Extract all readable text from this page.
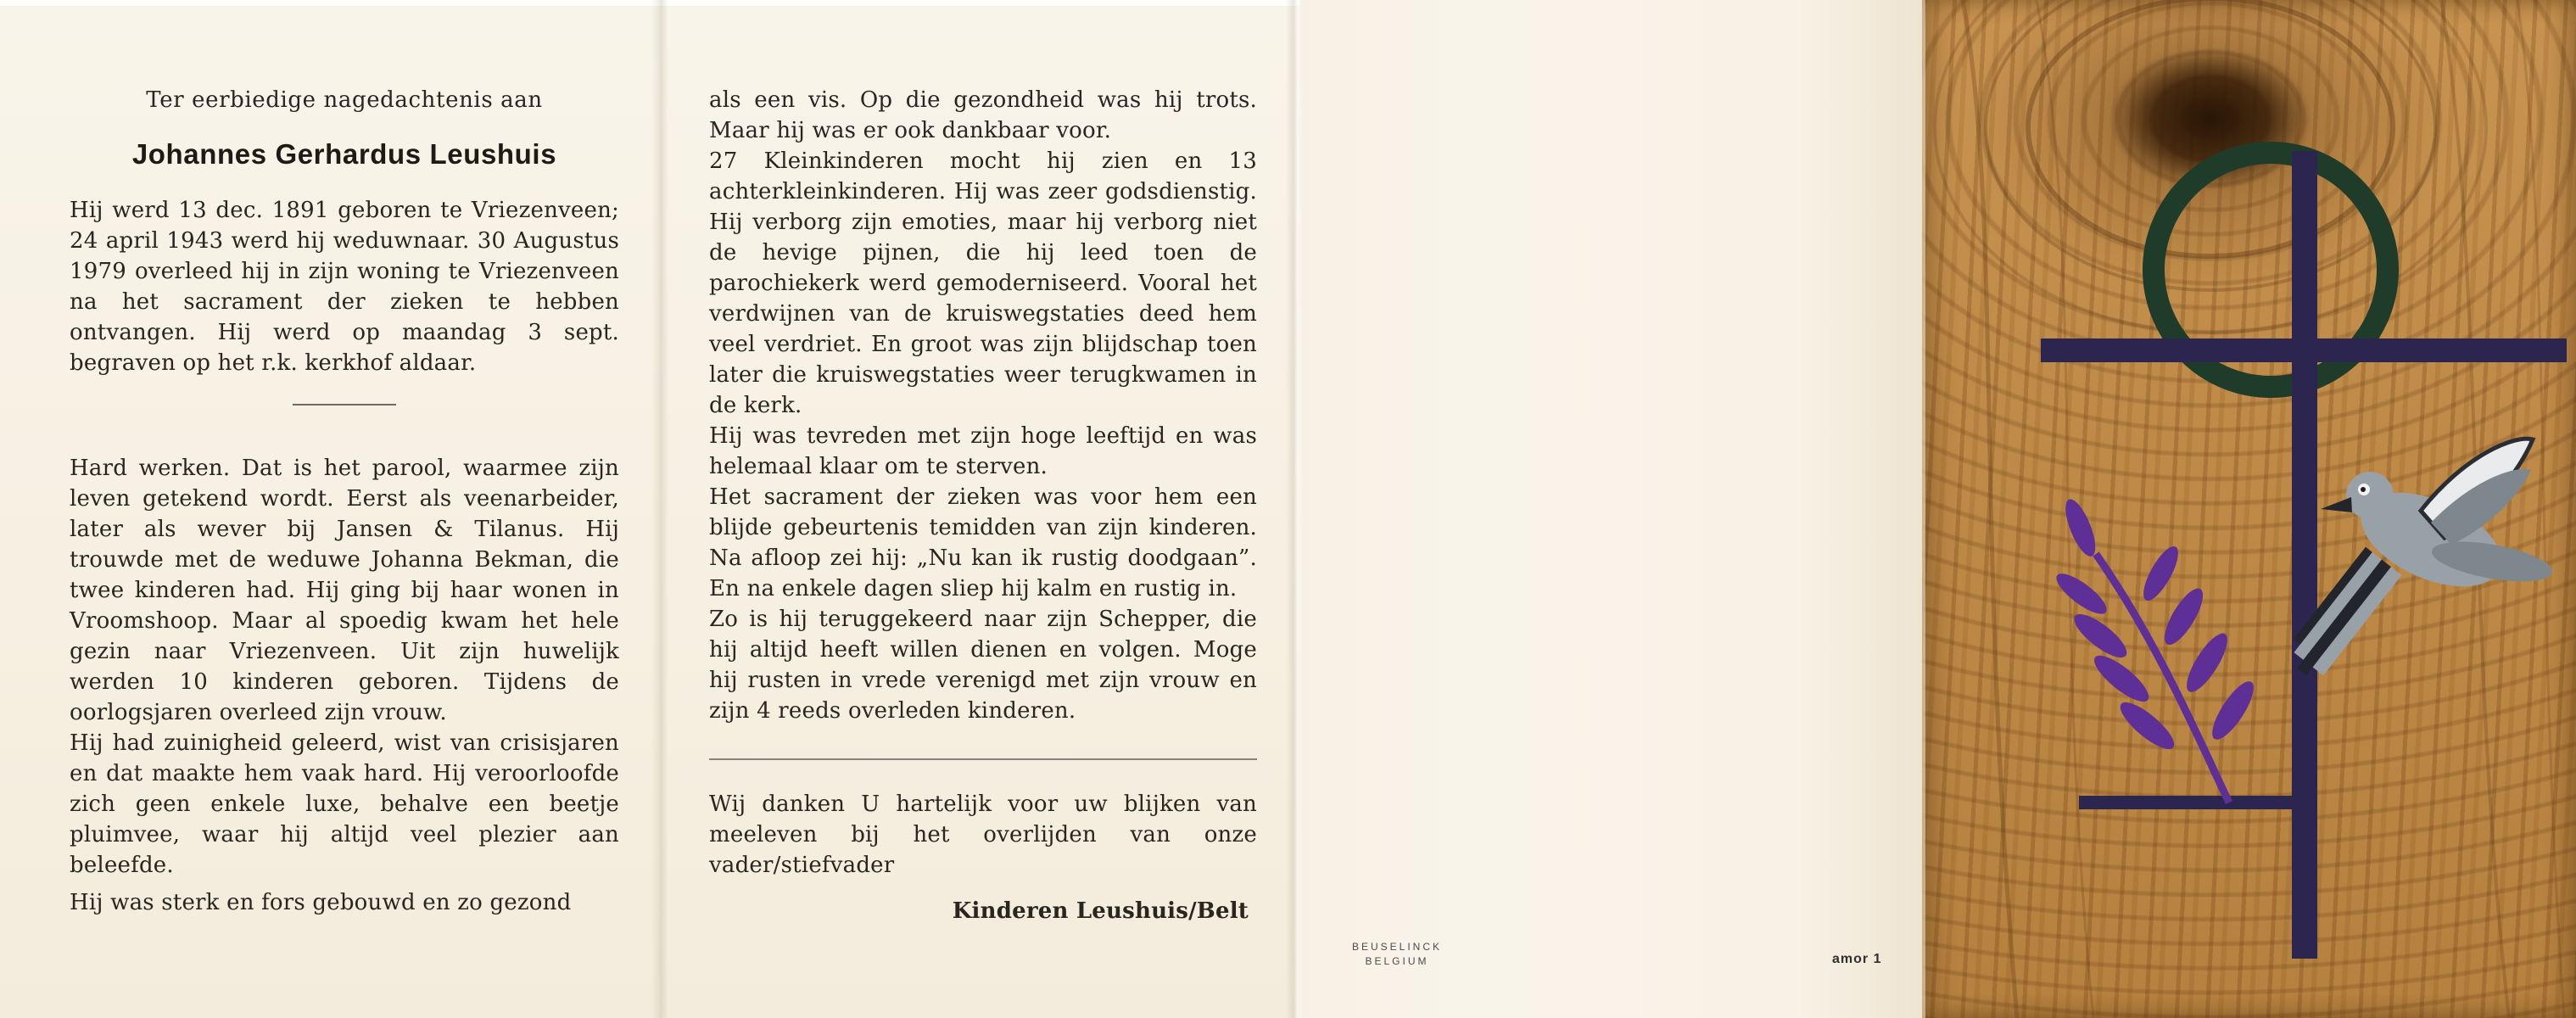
Ter eerbiedige nagedachtenis aan

Johannes Gerhardus Leushuis

Hij werd 13 dec. 1891 geboren te Vriezenveen; 24 april 1943 werd hij weduwnaar. 30 Augustus 1979 overleed hij in zijn woning te Vriezenveen na het sacrament der zieken te hebben ontvangen. Hij werd op maandag 3 sept. begraven op het r.k. kerkhof aldaar.

Hard werken. Dat is het parool, waarmee zijn leven getekend wordt. Eerst als veenarbeider, later als wever bij Jansen & Tilanus. Hij trouwde met de weduwe Johanna Bekman, die twee kinderen had. Hij ging bij haar wonen in Vroomshoop. Maar al spoedig kwam het hele gezin naar Vriezenveen. Uit zijn huwelijk werden 10 kinderen geboren. Tijdens de oorlogsjaren overleed zijn vrouw.

Hij had zuinigheid geleerd, wist van crisisjaren en dat maakte hem vaak hard. Hij veroorloofde zich geen enkele luxe, behalve een beetje pluimvee, waar hij altijd veel plezier aan beleefde.

Hij was sterk en fors gebouwd en zo gezond

als een vis. Op die gezondheid was hij trots. Maar hij was er ook dankbaar voor.

27 Kleinkinderen mocht hij zien en 13 achterkleinkinderen. Hij was zeer godsdienstig. Hij verborg zijn emoties, maar hij verborg niet de hevige pijnen, die hij leed toen de parochiekerk werd gemoderniseerd. Vooral het verdwijnen van de kruiswegstaties deed hem veel verdriet. En groot was zijn blijdschap toen later die kruiswegstaties weer terugkwamen in de kerk.

Hij was tevreden met zijn hoge leeftijd en was helemaal klaar om te sterven.

Het sacrament der zieken was voor hem een blijde gebeurtenis temidden van zijn kinderen. Na afloop zei hij: „Nu kan ik rustig doodgaan”. En na enkele dagen sliep hij kalm en rustig in.

Zo is hij teruggekeerd naar zijn Schepper, die hij altijd heeft willen dienen en volgen. Moge hij rusten in vrede verenigd met zijn vrouw en zijn 4 reeds overleden kinderen.

Wij danken U hartelijk voor uw blijken van meeleven bij het overlijden van onze vader/stiefvader

Kinderen Leushuis/Belt

BEUSELINCK
BELGIUM	amor 1
